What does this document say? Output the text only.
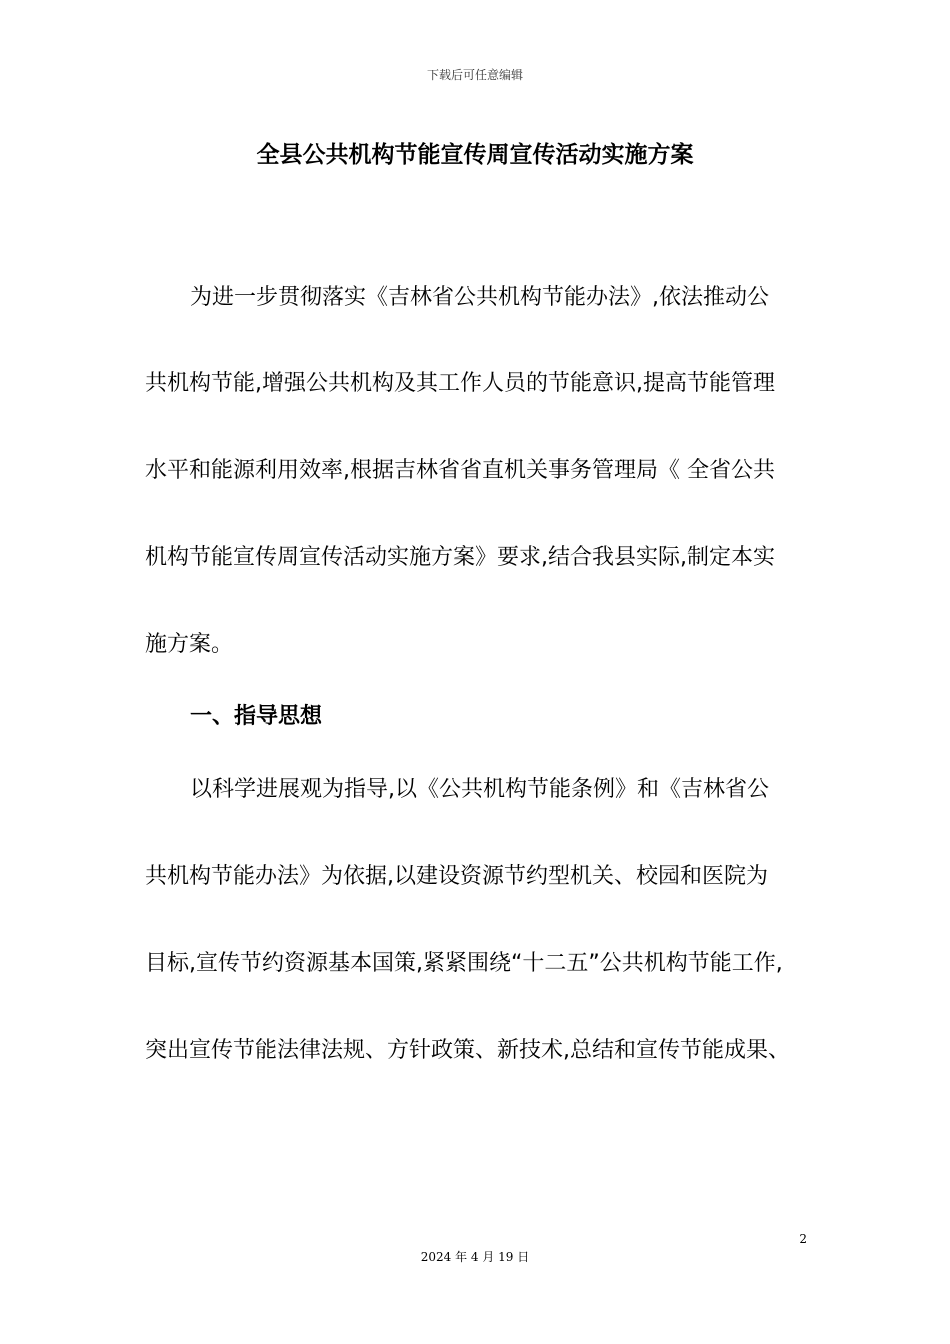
下载后可任意编辑
全县公共机构节能宣传周宣传活动实施方案
为进一步贯彻落实《吉林省公共机构节能办法》,依法推动公
共机构节能,增强公共机构及其工作人员的节能意识,提高节能管理
水平和能源利用效率,根据吉林省省直机关事务管理局《 全省公共
机构节能宣传周宣传活动实施方案》要求,结合我县实际,制定本实
施方案。
一、指导思想
以科学进展观为指导,以《公共机构节能条例》和《吉林省公
共机构节能办法》为依据,以建设资源节约型机关、校园和医院为
目标,宣传节约资源基本国策,紧紧围绕“十二五”公共机构节能工作,
突出宣传节能法律法规、方针政策、新技术,总结和宣传节能成果、
2
2024 年 4 月 19 日
